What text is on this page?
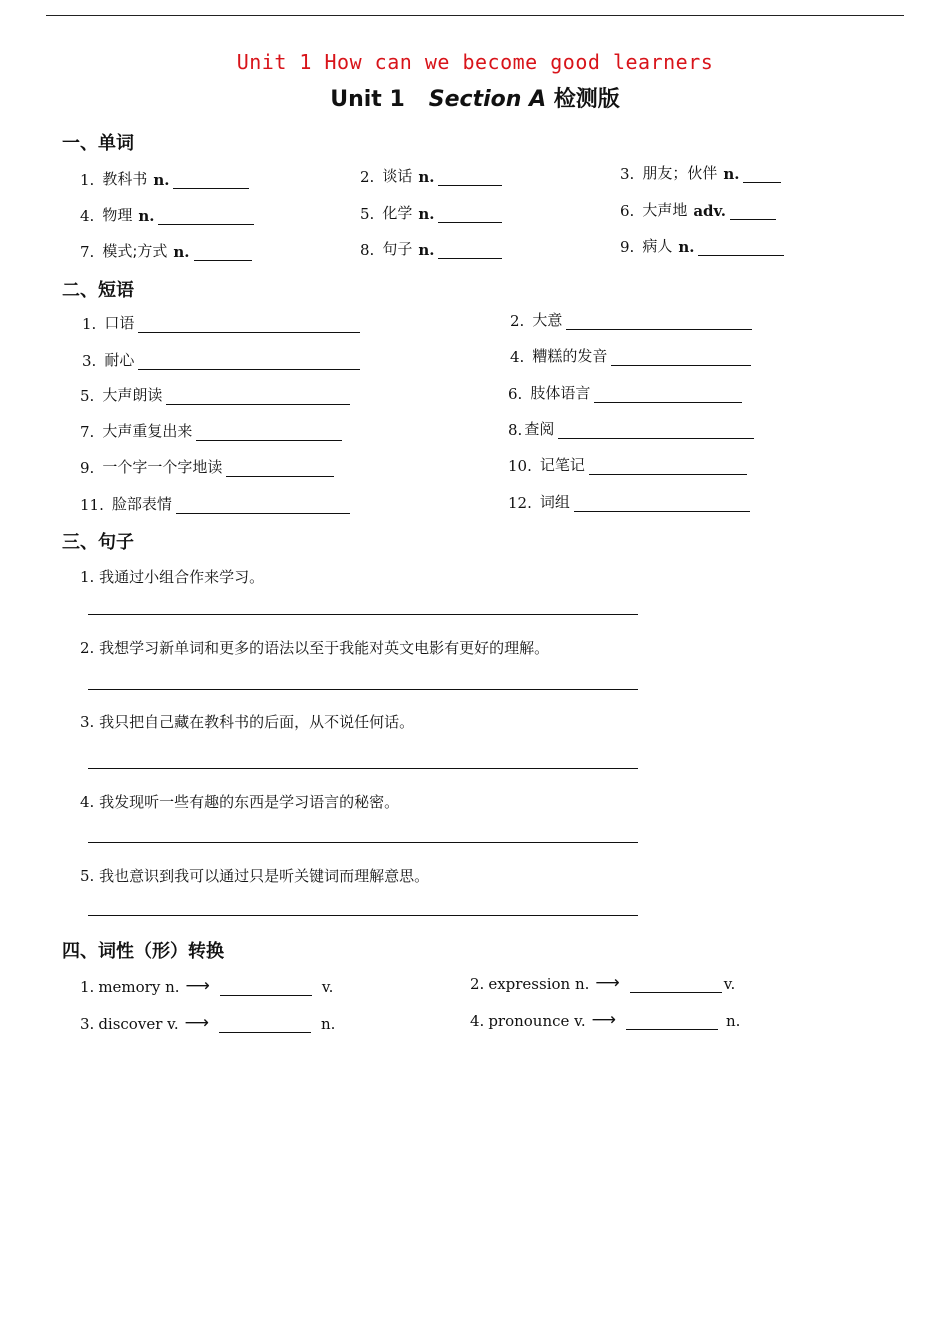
Unit 1 How can we become good learners
Unit 1 Section A 检测版
一、单词
1. 教科书 n.	2. 谈话 n.	3. 朋友；伙伴 n.
4. 物理 n.	5. 化学 n.	6. 大声地 adv.
7. 模式;方式 n.	8. 句子 n.	9. 病人 n.
二、短语
1. 口语	2. 大意
3. 耐心	4. 糟糕的发音
5. 大声朗读	6. 肢体语言
7. 大声重复出来	8. 查阅
9. 一个字一个字地读	10. 记笔记
11. 脸部表情	12. 词组
三、句子
1. 我通过小组合作来学习。
2. 我想学习新单词和更多的语法以至于我能对英文电影有更好的理解。
3. 我只把自己藏在教科书的后面，从不说任何话。
4. 我发现听一些有趣的东西是学习语言的秘密。
5. 我也意识到我可以通过只是听关键词而理解意思。
四、词性（形）转换
1. memory n. ⟶	v.	2. expression n. ⟶	v.
3. discover v. ⟶	n.	4. pronounce v. ⟶	n.
